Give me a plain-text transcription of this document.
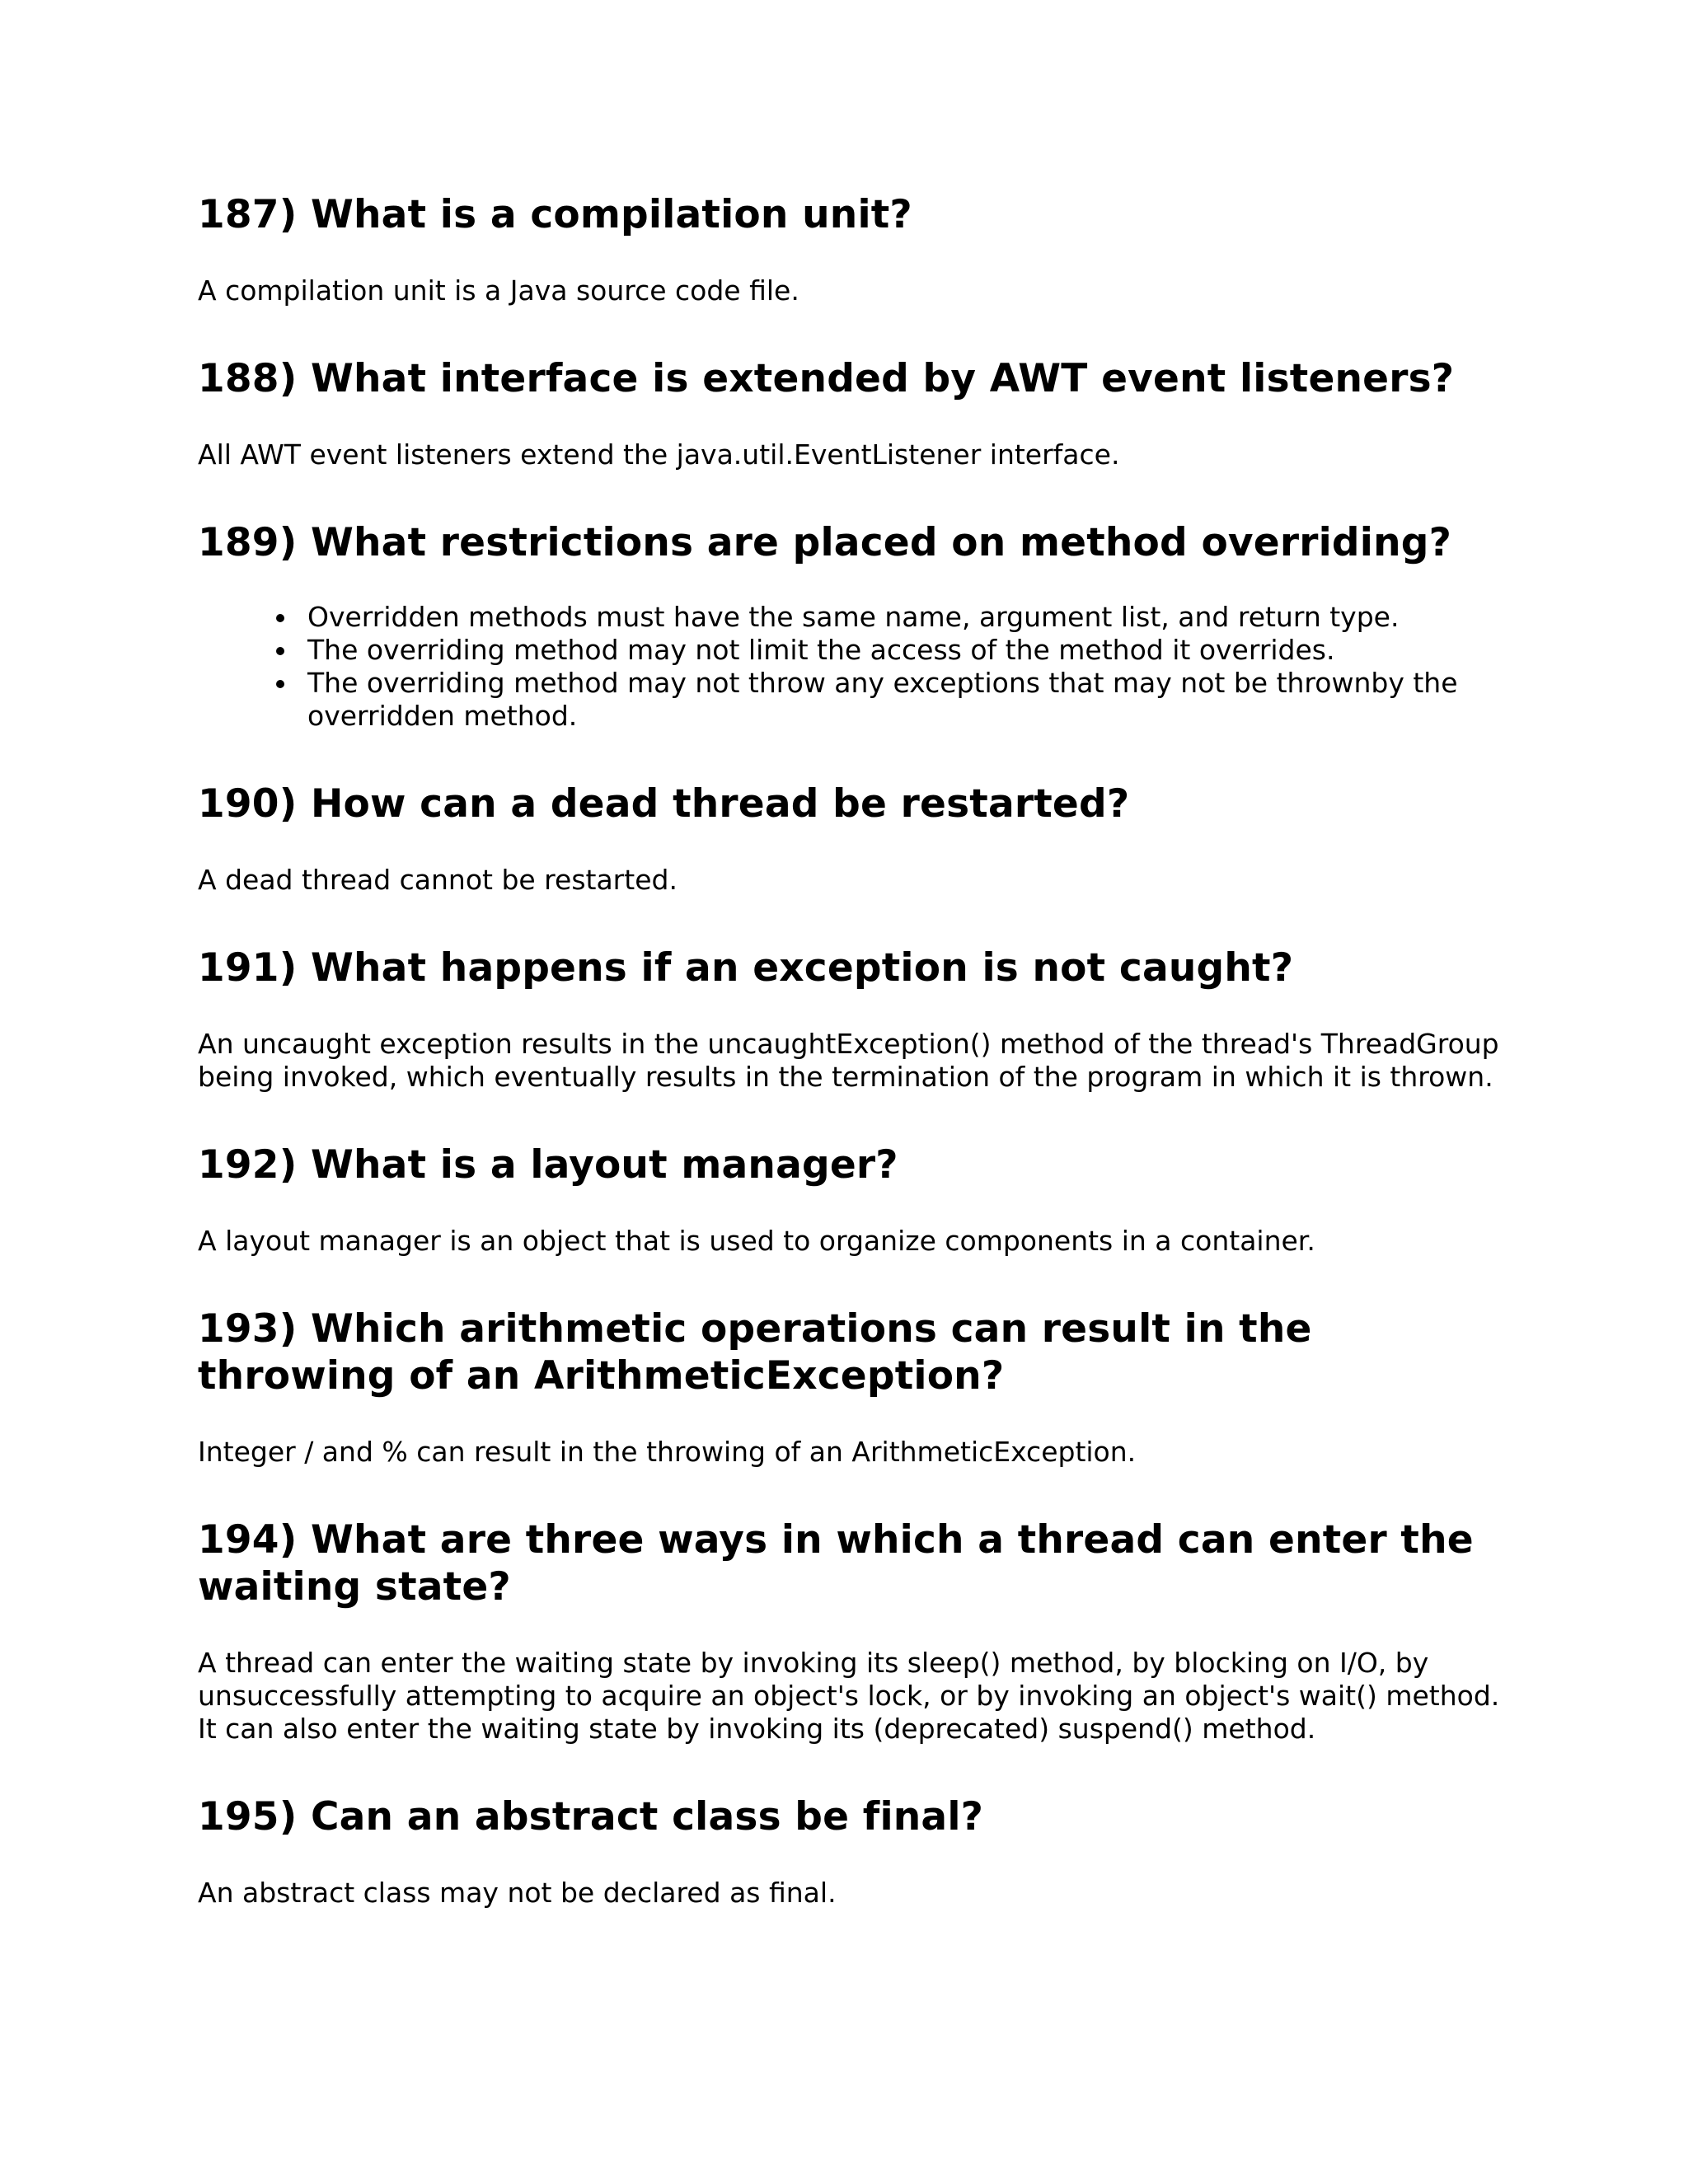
187) What is a compilation unit?

A compilation unit is a Java source code file.

188) What interface is extended by AWT event listeners?

All AWT event listeners extend the java.util.EventListener interface.

189) What restrictions are placed on method overriding?
Overridden methods must have the same name, argument list, and return type.
The overriding method may not limit the access of the method it overrides.
The overriding method may not throw any exceptions that may not be thrownby the overridden method.
190) How can a dead thread be restarted?

A dead thread cannot be restarted.

191) What happens if an exception is not caught?

An uncaught exception results in the uncaughtException() method of the thread's ThreadGroup being invoked, which eventually results in the termination of the program in which it is thrown.

192) What is a layout manager?

A layout manager is an object that is used to organize components in a container.

193) Which arithmetic operations can result in the throwing of an ArithmeticException?

Integer / and % can result in the throwing of an ArithmeticException.

194) What are three ways in which a thread can enter the waiting state?

A thread can enter the waiting state by invoking its sleep() method, by blocking on I/O, by unsuccessfully attempting to acquire an object's lock, or by invoking an object's wait() method. It can also enter the waiting state by invoking its (deprecated) suspend() method.

195) Can an abstract class be final?

An abstract class may not be declared as final.
